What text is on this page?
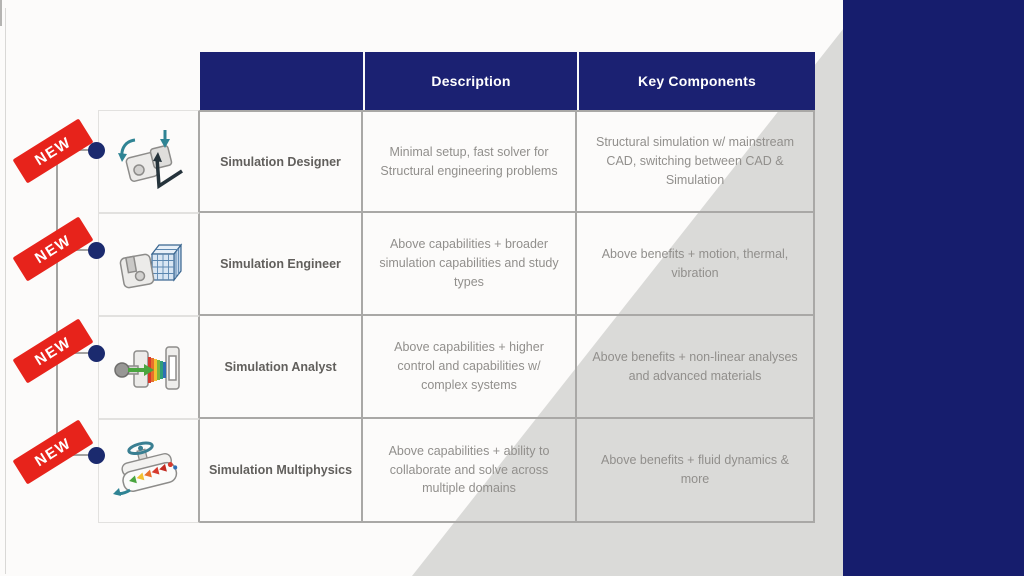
NEW
NEW
NEW
NEW
Description	Key Components
Simulation Designer
Minimal setup, fast solver for Structural engineering problems
Structural simulation w/ mainstream CAD, switching between CAD & Simulation
Simulation Engineer
Above capabilities + broader simulation capabilities and study types
Above benefits + motion, thermal, vibration
Simulation Analyst
Above capabilities + higher control and capabilities w/ complex systems
Above benefits + non-linear analyses and advanced materials
Simulation Multiphysics
Above capabilities + ability to collaborate and solve across multiple domains
Above benefits + fluid dynamics & more
